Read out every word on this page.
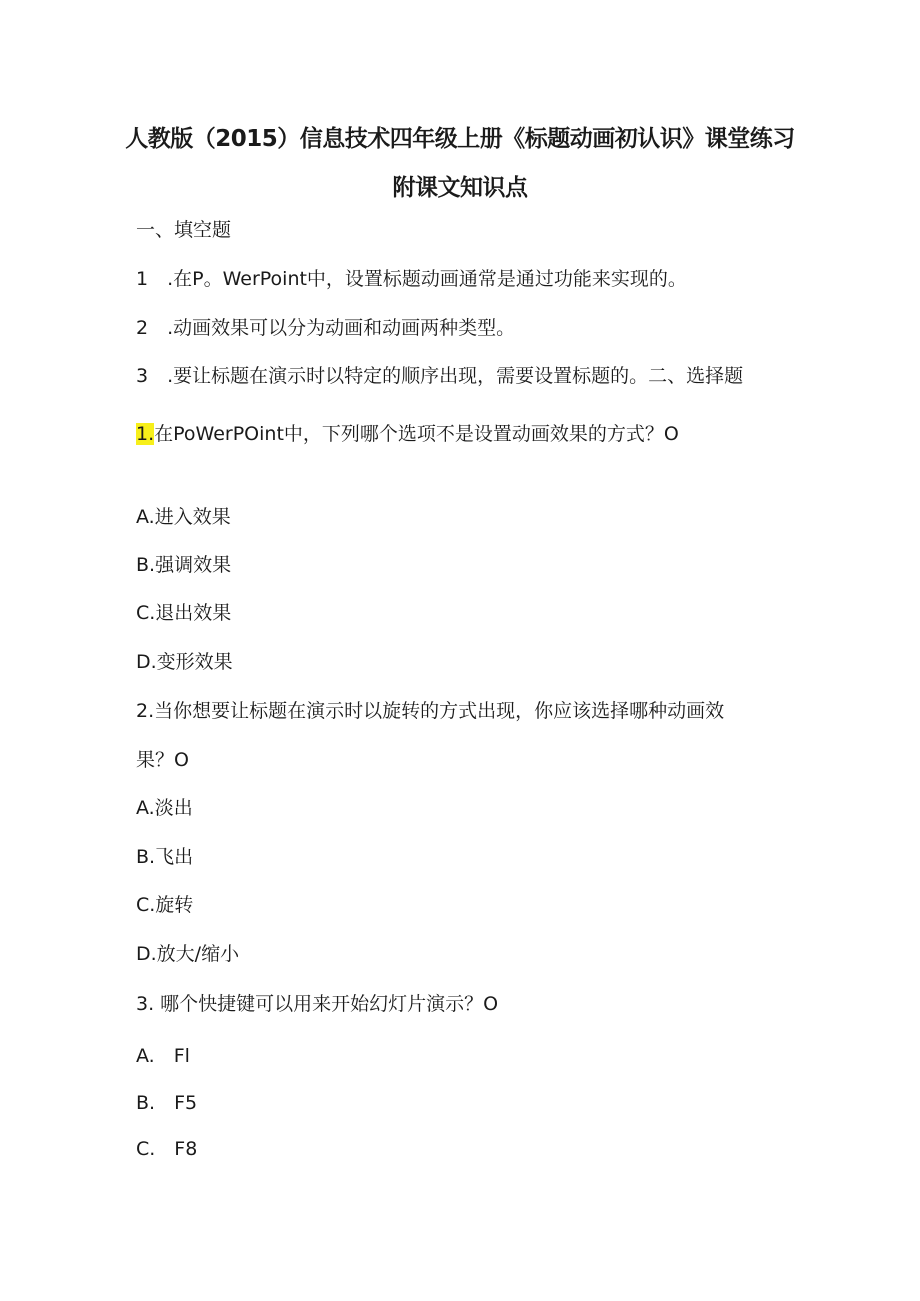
人教版（2015）信息技术四年级上册《标题动画初认识》课堂练习
附课文知识点
一、填空题
1　.在P。WerPoint中，设置标题动画通常是通过功能来实现的。
2　.动画效果可以分为动画和动画两种类型。
3　.要让标题在演示时以特定的顺序出现，需要设置标题的。二、选择题
1.在PoWerPOint中，下列哪个选项不是设置动画效果的方式？O
A.进入效果
B.强调效果
C.退出效果
D.变形效果
2.当你想要让标题在演示时以旋转的方式出现，你应该选择哪种动画效
果？O
A.淡出
B.飞出
C.旋转
D.放大/缩小
3. 哪个快捷键可以用来开始幻灯片演示？O
A.　Fl
B.　F5
C.　F8
